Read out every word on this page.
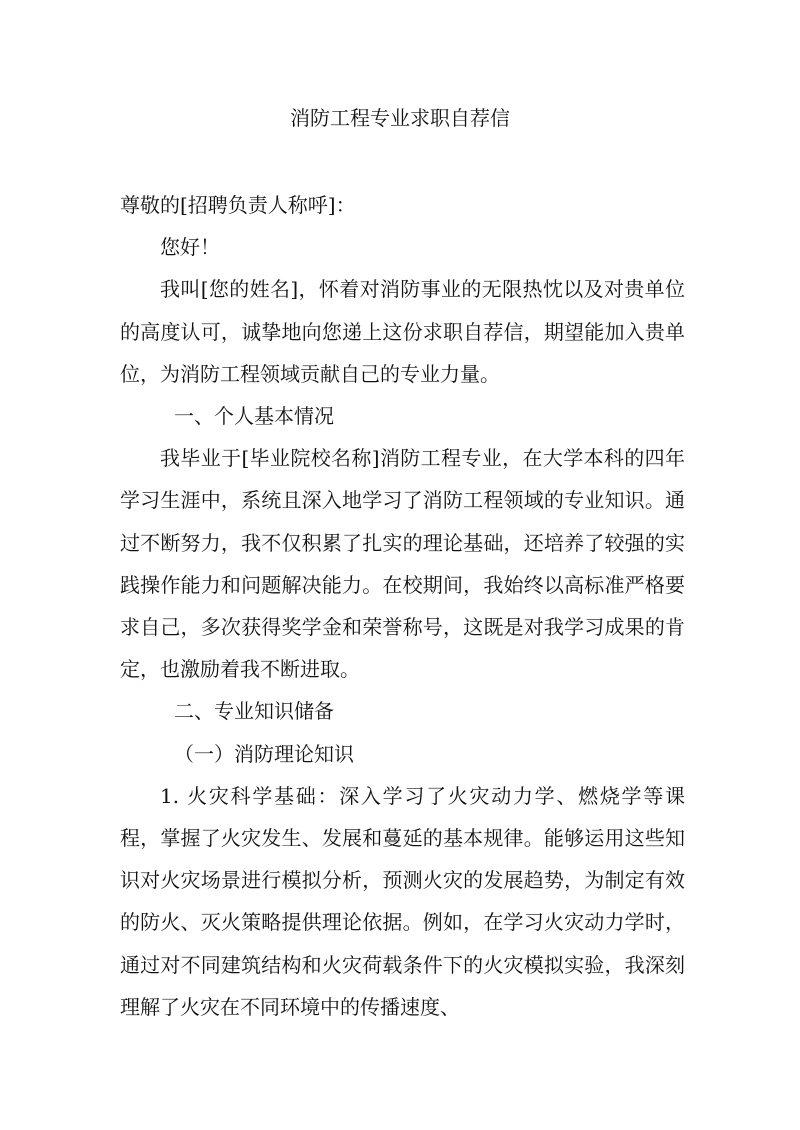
消防工程专业求职自荐信

尊敬的[招聘负责人称呼]：

您好！

我叫[您的姓名]，怀着对消防事业的无限热忱以及对贵单位的高度认可，诚挚地向您递上这份求职自荐信，期望能加入贵单位，为消防工程领域贡献自己的专业力量。

一、个人基本情况

我毕业于[毕业院校名称]消防工程专业，在大学本科的四年学习生涯中，系统且深入地学习了消防工程领域的专业知识。通过不断努力，我不仅积累了扎实的理论基础，还培养了较强的实践操作能力和问题解决能力。在校期间，我始终以高标准严格要求自己，多次获得奖学金和荣誉称号，这既是对我学习成果的肯定，也激励着我不断进取。

二、专业知识储备

（一）消防理论知识

1. 火灾科学基础：深入学习了火灾动力学、燃烧学等课程，掌握了火灾发生、发展和蔓延的基本规律。能够运用这些知识对火灾场景进行模拟分析，预测火灾的发展趋势，为制定有效的防火、灭火策略提供理论依据。例如，在学习火灾动力学时，通过对不同建筑结构和火灾荷载条件下的火灾模拟实验，我深刻理解了火灾在不同环境中的传播速度、
